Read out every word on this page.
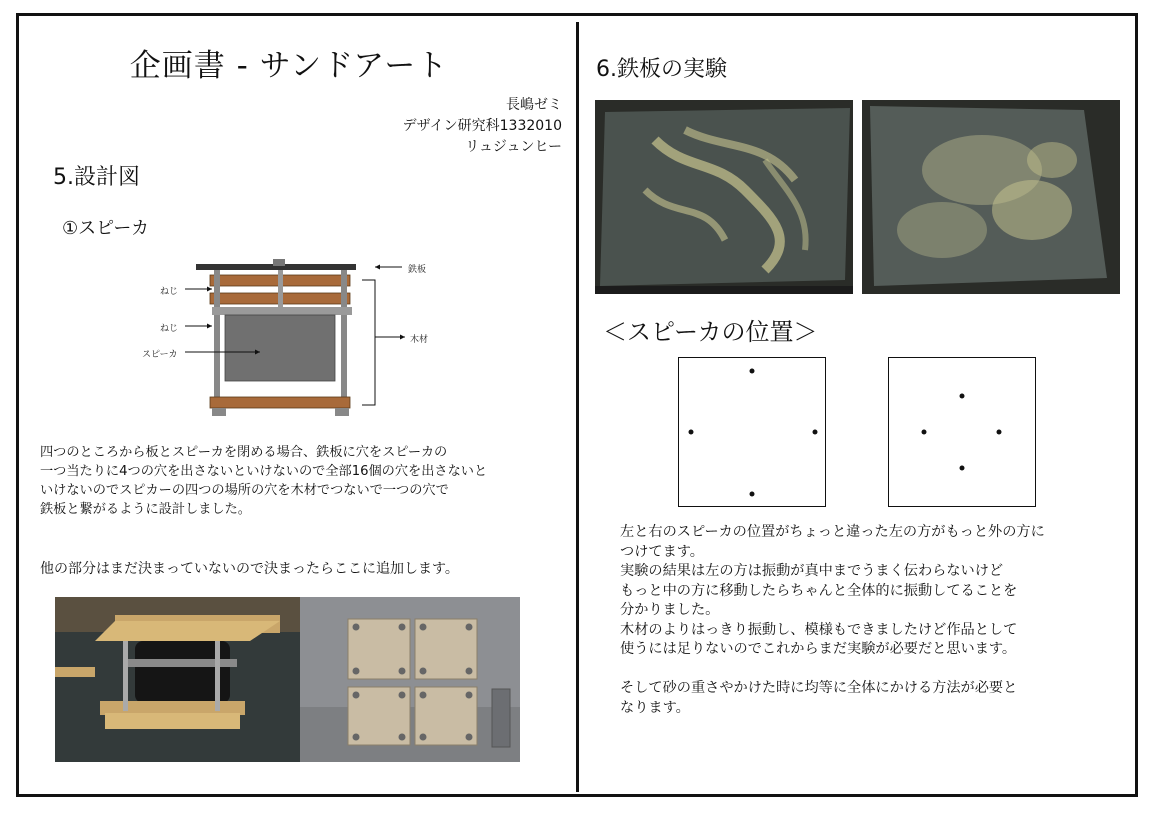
企画書 - サンドアート
長嶋ゼミ
デザイン研究科1332010
リュジュンヒー
5.設計図
①スピーカ
鉄板
ねじ
ねじ
スピーカ
木材
四つのところから板とスピーカを閉める場合、鉄板に穴をスピーカの
一つ当たりに4つの穴を出さないといけないので全部16個の穴を出さないと
いけないのでスピカーの四つの場所の穴を木材でつないで一つの穴で
鉄板と繋がるように設計しました。
他の部分はまだ決まっていないので決まったらここに追加します。
6.鉄板の実験
＜スピーカの位置＞
左と右のスピーカの位置がちょっと違った左の方がもっと外の方に
つけてます。
実験の結果は左の方は振動が真中までうまく伝わらないけど
もっと中の方に移動したらちゃんと全体的に振動してることを
分かりました。
木材のよりはっきり振動し、模様もできましたけど作品として
使うには足りないのでこれからまだ実験が必要だと思います。

そして砂の重さやかけた時に均等に全体にかける方法が必要と
なります。
